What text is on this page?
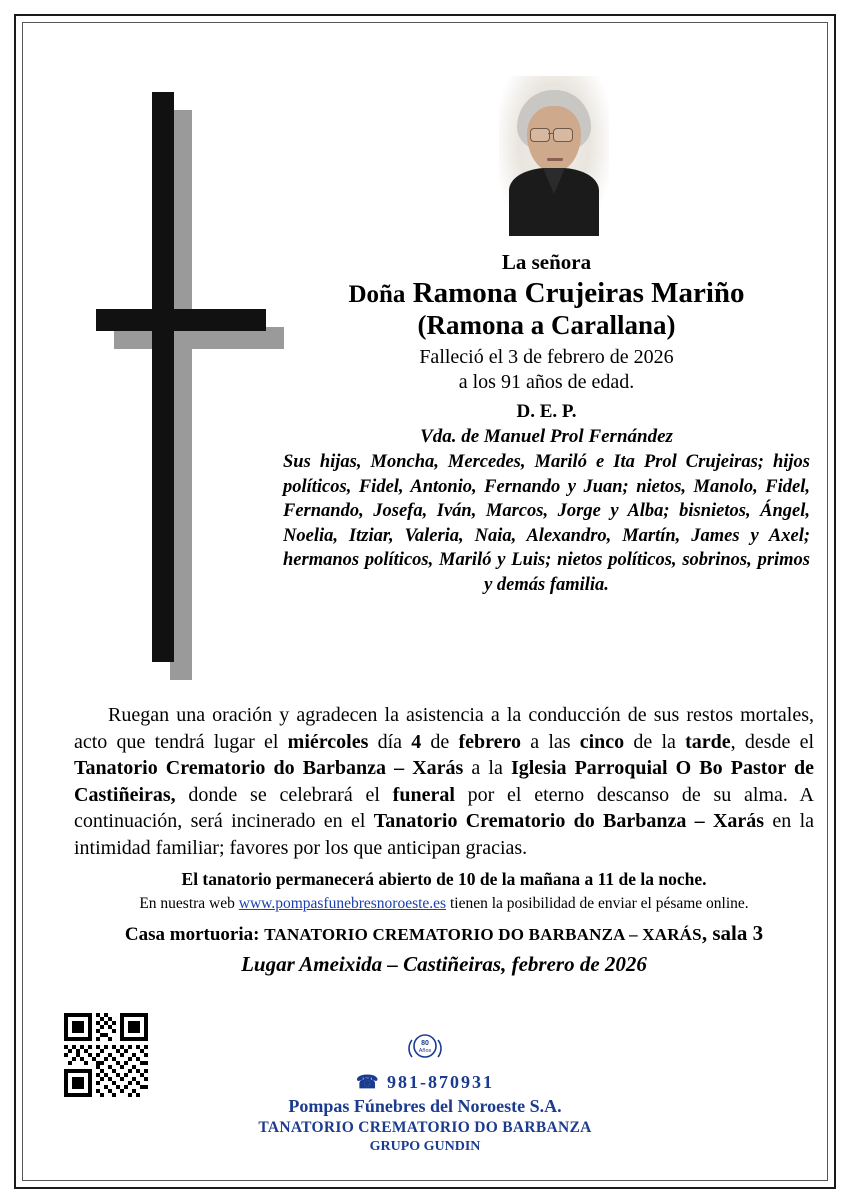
La señora
Doña Ramona Crujeiras Mariño
(Ramona a Carallana)
Falleció el 3 de febrero de 2026
a los 91 años de edad.
D. E. P.
Vda. de Manuel Prol Fernández
Sus hijas, Moncha, Mercedes, Mariló e Ita Prol Crujeiras; hijos políticos, Fidel, Antonio, Fernando y Juan; nietos, Manolo, Fidel, Fernando, Josefa, Iván, Marcos, Jorge y Alba; bisnietos, Ángel, Noelia, Itziar, Valeria, Naia, Alexandro, Martín, James y Axel; hermanos políticos, Mariló y Luis; nietos políticos, sobrinos, primos y demás familia.
Ruegan una oración y agradecen la asistencia a la conducción de sus restos mortales, acto que tendrá lugar el miércoles día 4 de febrero a las cinco de la tarde, desde el Tanatorio Crematorio do Barbanza – Xarás a la Iglesia Parroquial O Bo Pastor de Castiñeiras, donde se celebrará el funeral por el eterno descanso de su alma. A continuación, será incinerado en el Tanatorio Crematorio do Barbanza – Xarás en la intimidad familiar; favores por los que anticipan gracias.
El tanatorio permanecerá abierto de 10 de la mañana a 11 de la noche.
En nuestra web www.pompasfunebresnoroeste.es tienen la posibilidad de enviar el pésame online.
Casa mortuoria: TANATORIO CREMATORIO DO BARBANZA – XARÁS, sala 3
Lugar Ameixida – Castiñeiras, febrero de 2026
80
Años
☎ 981-870931
Pompas Fúnebres del Noroeste S.A.
TANATORIO CREMATORIO DO BARBANZA
GRUPO GUNDIN
